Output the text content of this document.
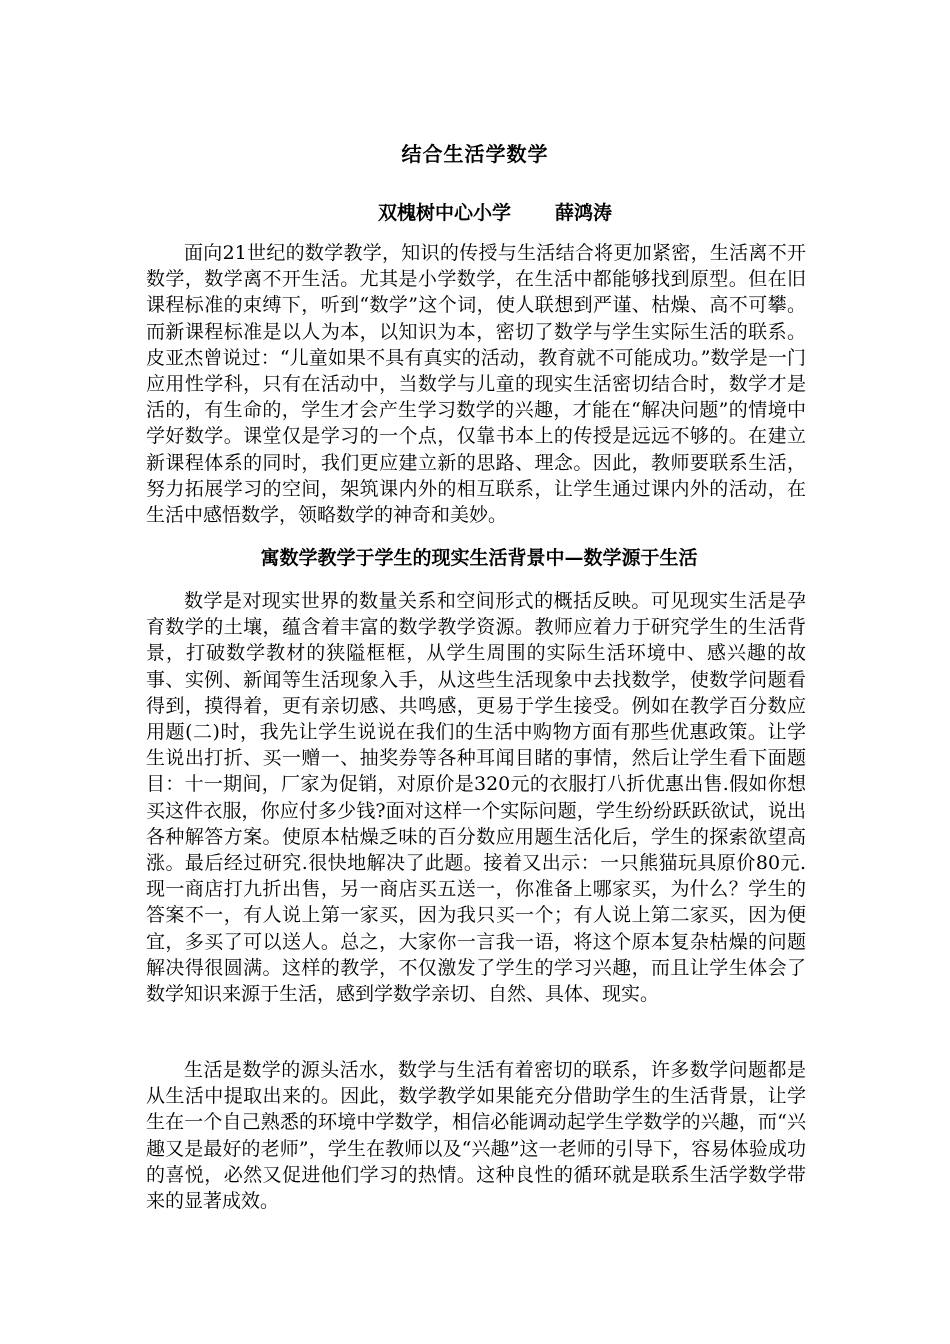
结合生活学数学
双槐树中心小学 薛鸿涛

面向21世纪的数学教学，知识的传授与生活结合将更加紧密，生活离不开数学，数学离不开生活。尤其是小学数学，在生活中都能够找到原型。但在旧课程标准的束缚下，听到“数学”这个词，使人联想到严谨、枯燥、高不可攀。而新课程标准是以人为本，以知识为本，密切了数学与学生实际生活的联系。皮亚杰曾说过：“儿童如果不具有真实的活动，教育就不可能成功。”数学是一门应用性学科，只有在活动中，当数学与儿童的现实生活密切结合时，数学才是活的，有生命的，学生才会产生学习数学的兴趣，才能在“解决问题”的情境中学好数学。课堂仅是学习的一个点，仅靠书本上的传授是远远不够的。在建立新课程体系的同时，我们更应建立新的思路、理念。因此，教师要联系生活，努力拓展学习的空间，架筑课内外的相互联系，让学生通过课内外的活动，在生活中感悟数学，领略数学的神奇和美妙。

寓数学教学于学生的现实生活背景中—数学源于生活

数学是对现实世界的数量关系和空间形式的概括反映。可见现实生活是孕育数学的土壤，蕴含着丰富的数学教学资源。教师应着力于研究学生的生活背景，打破数学教材的狭隘框框，从学生周围的实际生活环境中、感兴趣的故事、实例、新闻等生活现象入手，从这些生活现象中去找数学，使数学问题看得到，摸得着，更有亲切感、共鸣感，更易于学生接受。例如在教学百分数应用题(二)时，我先让学生说说在我们的生活中购物方面有那些优惠政策。让学生说出打折、买一赠一、抽奖券等各种耳闻目睹的事情，然后让学生看下面题目：十一期间，厂家为促销，对原价是320元的衣服打八折优惠出售.假如你想买这件衣服，你应付多少钱?面对这样一个实际问题，学生纷纷跃跃欲试，说出各种解答方案。使原本枯燥乏味的百分数应用题生活化后，学生的探索欲望高涨。最后经过研究.很快地解决了此题。接着又出示：一只熊猫玩具原价80元.现一商店打九折出售，另一商店买五送一，你准备上哪家买，为什么？学生的答案不一，有人说上第一家买，因为我只买一个；有人说上第二家买，因为便宜，多买了可以送人。总之，大家你一言我一语，将这个原本复杂枯燥的问题解决得很圆满。这样的教学，不仅激发了学生的学习兴趣，而且让学生体会了数学知识来源于生活，感到学数学亲切、自然、具体、现实。

生活是数学的源头活水，数学与生活有着密切的联系，许多数学问题都是从生活中提取出来的。因此，数学教学如果能充分借助学生的生活背景，让学生在一个自己熟悉的环境中学数学，相信必能调动起学生学数学的兴趣，而“兴趣又是最好的老师”，学生在教师以及“兴趣”这一老师的引导下，容易体验成功的喜悦，必然又促进他们学习的热情。这种良性的循环就是联系生活学数学带来的显著成效。
